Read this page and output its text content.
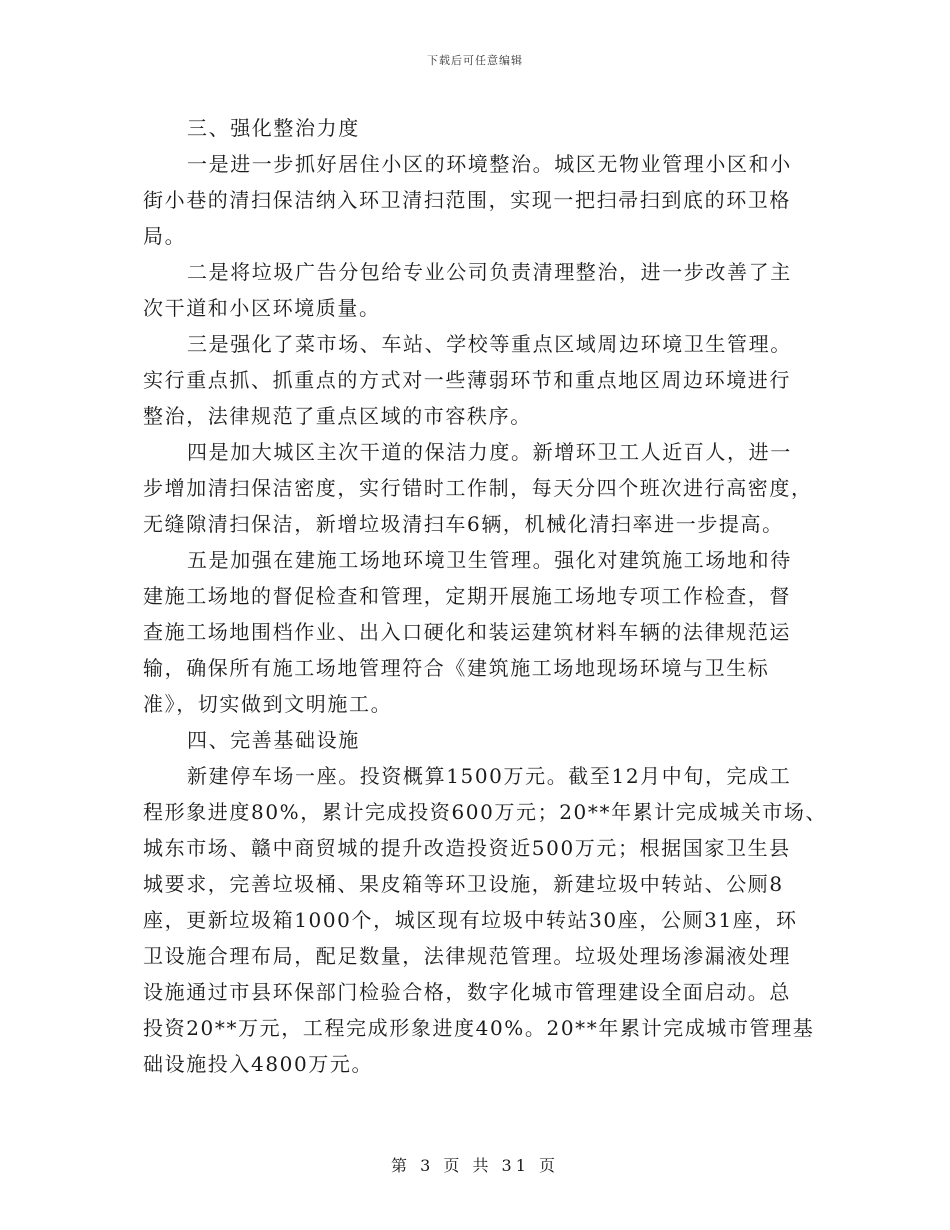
下载后可任意编辑
三、强化整治力度
一是进一步抓好居住小区的环境整治。城区无物业管理小区和小
街小巷的清扫保洁纳入环卫清扫范围，实现一把扫帚扫到底的环卫格
局。
二是将垃圾广告分包给专业公司负责清理整治，进一步改善了主
次干道和小区环境质量。
三是强化了菜市场、车站、学校等重点区域周边环境卫生管理。
实行重点抓、抓重点的方式对一些薄弱环节和重点地区周边环境进行
整治，法律规范了重点区域的市容秩序。
四是加大城区主次干道的保洁力度。新增环卫工人近百人，进一
步增加清扫保洁密度，实行错时工作制，每天分四个班次进行高密度，
无缝隙清扫保洁，新增垃圾清扫车6辆，机械化清扫率进一步提高。
五是加强在建施工场地环境卫生管理。强化对建筑施工场地和待
建施工场地的督促检查和管理，定期开展施工场地专项工作检查，督
查施工场地围档作业、出入口硬化和装运建筑材料车辆的法律规范运
输，确保所有施工场地管理符合《建筑施工场地现场环境与卫生标
准》，切实做到文明施工。
四、完善基础设施
新建停车场一座。投资概算1500万元。截至12月中旬，完成工
程形象进度80%，累计完成投资600万元；20**年累计完成城关市场、
城东市场、赣中商贸城的提升改造投资近500万元；根据国家卫生县
城要求，完善垃圾桶、果皮箱等环卫设施，新建垃圾中转站、公厕8
座，更新垃圾箱1000个，城区现有垃圾中转站30座，公厕31座，环
卫设施合理布局，配足数量，法律规范管理。垃圾处理场渗漏液处理
设施通过市县环保部门检验合格，数字化城市管理建设全面启动。总
投资20**万元，工程完成形象进度40%。20**年累计完成城市管理基
础设施投入4800万元。
第 3 页 共 31 页
